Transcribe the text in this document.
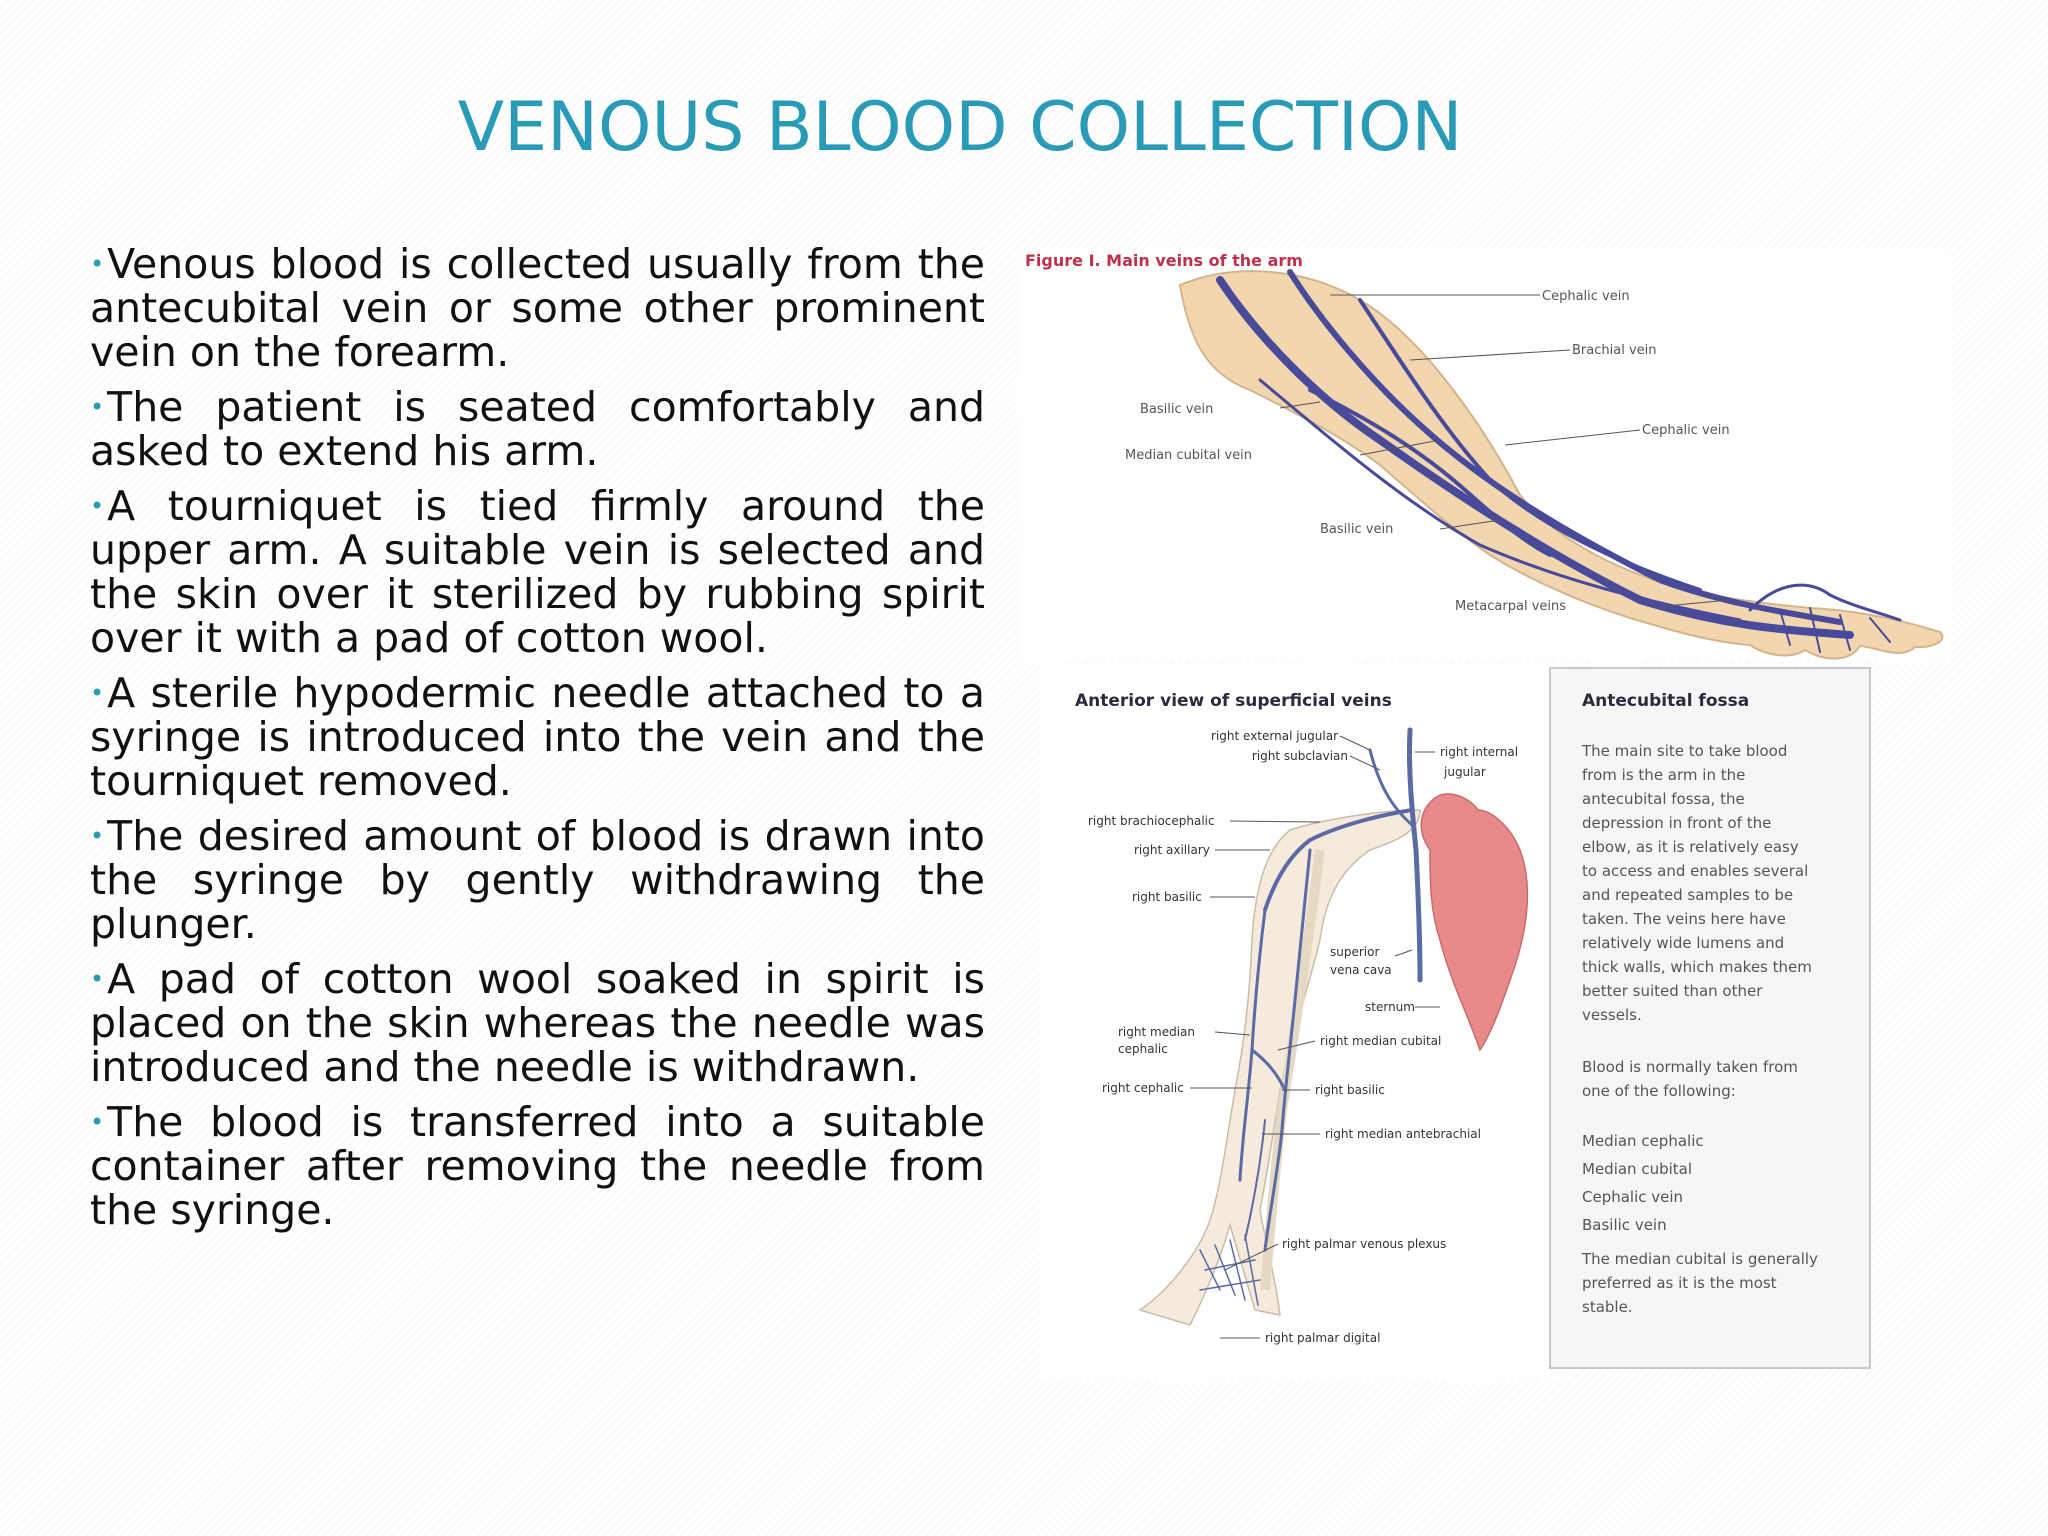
VENOUS BLOOD COLLECTION
•Venous blood is collected usually from the antecubital vein or some other prominent vein on the forearm.
•The patient is seated comfortably and asked to extend his arm.
•A tourniquet is tied firmly around the upper arm. A suitable vein is selected and the skin over it sterilized by rubbing spirit over it with a pad of cotton wool.
•A sterile hypodermic needle attached to a syringe is introduced into the vein and the tourniquet removed.
•The desired amount of blood is drawn into the syringe by gently withdrawing the plunger.
•A pad of cotton wool soaked in spirit is placed on the skin whereas the needle was introduced and the needle is withdrawn.
•The blood is transferred into a suitable container after removing the needle from the syringe.
Figure I. Main veins of the arm
Cephalic vein
Brachial vein
Basilic vein
Cephalic vein
Median cubital vein
Basilic vein
Metacarpal veins
Anterior view of superficial veins
right external jugular
right subclavian	right internal
jugular
right brachiocephalic
right axillary
right basilic
superior
vena cava
sternum
right median
cephalic
right median cubital
right cephalic	right basilic
right median antebrachial
right palmar venous plexus
right palmar digital
Antecubital fossa
The main site to take blood
from is the arm in the
antecubital fossa, the
depression in front of the
elbow, as it is relatively easy
to access and enables several
and repeated samples to be
taken. The veins here have
relatively wide lumens and
thick walls, which makes them
better suited than other
vessels.
Blood is normally taken from
one of the following:
Median cephalic
Median cubital
Cephalic vein
Basilic vein
The median cubital is generally
preferred as it is the most
stable.
